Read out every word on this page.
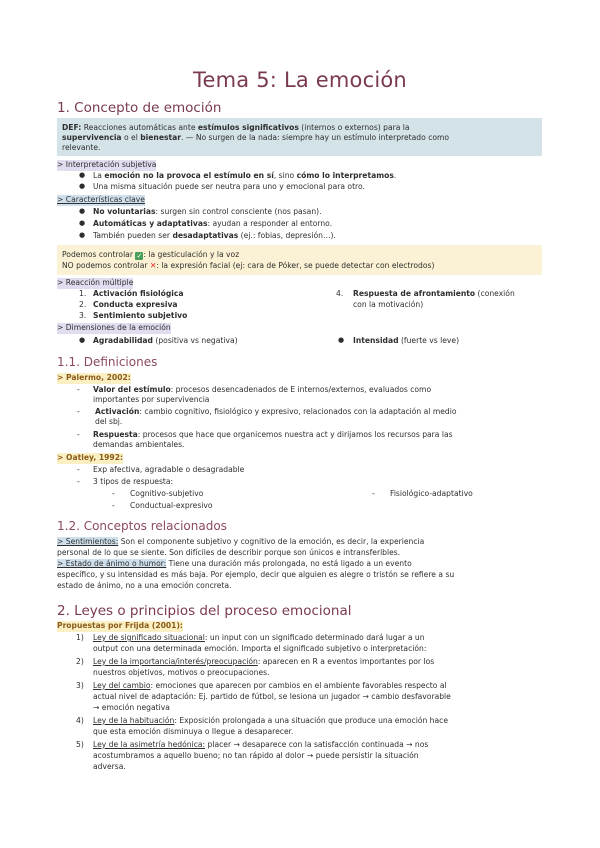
Tema 5: La emoción
1. Concepto de emoción
DEF: Reacciones automáticas ante estímulos significativos (internos o externos) para la
supervivencia o el bienestar. — No surgen de la nada: siempre hay un estímulo interpretado como
relevante.
> Interpretación subjetiva
● La emoción no la provoca el estímulo en sí, sino cómo lo interpretamos.
● Una misma situación puede ser neutra para uno y emocional para otro.
> Características clave
● No voluntarias: surgen sin control consciente (nos pasan).
● Automáticas y adaptativas: ayudan a responder al entorno.
● También pueden ser desadaptativas (ej.: fobias, depresión…).
Podemos controlar ✓: la gesticulación y la voz
NO podemos controlar ✕: la expresión facial (ej: cara de Póker, se puede detectar con electrodos)
> Reacción múltiple
1. Activación fisiológica
2. Conducta expresiva
3. Sentimiento subjetivo
4. Respuesta de afrontamiento (conexión
con la motivación)
> Dimensiones de la emoción
● Agradabilidad (positiva vs negativa)	● Intensidad (fuerte vs leve)
1.1. Definiciones
> Palermo, 2002:
- Valor del estímulo: procesos desencadenados de E internos/externos, evaluados como
importantes por supervivencia
- Activación: cambio cognitivo, fisiológico y expresivo, relacionados con la adaptación al medio
del sbj.
- Respuesta: procesos que hace que organicemos nuestra act y dirijamos los recursos para las
demandas ambientales.
> Oatley, 1992:
- Exp afectiva, agradable o desagradable
- 3 tipos de respuesta:
- Cognitivo-subjetivo
- Conductual-expresivo
- Fisiológico-adaptativo
1.2. Conceptos relacionados
> Sentimientos: Son el componente subjetivo y cognitivo de la emoción, es decir, la experiencia
personal de lo que se siente. Son difíciles de describir porque son únicos e intransferibles.
> Estado de ánimo o humor: Tiene una duración más prolongada, no está ligado a un evento
específico, y su intensidad es más baja. Por ejemplo, decir que alguien es alegre o tristón se refiere a su
estado de ánimo, no a una emoción concreta.
2. Leyes o principios del proceso emocional
Propuestas por Frijda (2001):
1) Ley de significado situacional: un input con un significado determinado dará lugar a un
output con una determinada emoción. Importa el significado subjetivo o interpretación:
2) Ley de la importancia/interés/preocupación: aparecen en R a eventos importantes por los
nuestros objetivos, motivos o preocupaciones.
3) Ley del cambio: emociones que aparecen por cambios en el ambiente favorables respecto al
actual nivel de adaptación: Ej. partido de fútbol, se lesiona un jugador → cambio desfavorable
→ emoción negativa
4) Ley de la habituación: Exposición prolongada a una situación que produce una emoción hace
que esta emoción disminuya o llegue a desaparecer.
5) Ley de la asimetría hedónica: placer → desaparece con la satisfacción continuada → nos
acostumbramos a aquello bueno; no tan rápido al dolor → puede persistir la situación
adversa.
